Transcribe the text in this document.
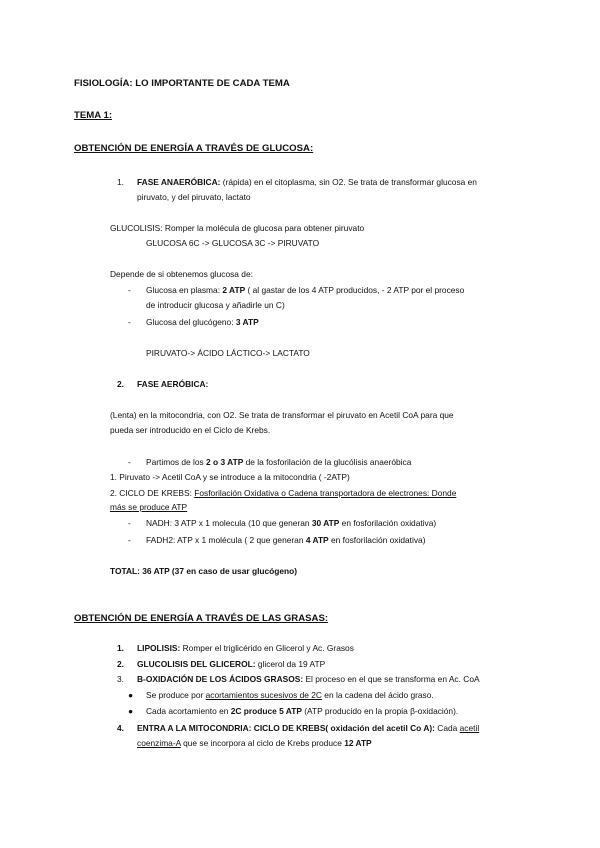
FISIOLOGÍA: LO IMPORTANTE DE CADA TEMA
TEMA 1:
OBTENCIÓN DE ENERGÍA A TRAVÉS DE GLUCOSA:
1. FASE ANAERÓBICA: (rápida) en el citoplasma, sin O2. Se trata de transformar glucosa en
piruvato, y del piruvato, lactato
GLUCOLISIS: Romper la molécula de glucosa para obtener piruvato
GLUCOSA 6C -> GLUCOSA 3C -> PIRUVATO
Depende de si obtenemos glucosa de:
- Glucosa en plasma: 2 ATP ( al gastar de los 4 ATP producidos, - 2 ATP por el proceso
de introducir glucosa y añadirle un C)
- Glucosa del glucógeno: 3 ATP
PIRUVATO-> ÁCIDO LÁCTICO-> LACTATO
2. FASE AERÓBICA:
(Lenta) en la mitocondria, con O2. Se trata de transformar el piruvato en Acetil CoA para que
pueda ser introducido en el Ciclo de Krebs.
- Partimos de los 2 o 3 ATP de la fosforilación de la glucólisis anaeróbica
1. Piruvato -> Acetil CoA y se introduce a la mitocondria ( -2ATP)
2. CICLO DE KREBS: Fosforilación Oxidativa o Cadena transportadora de electrones: Donde
más se produce ATP
- NADH: 3 ATP x 1 molecula (10 que generan 30 ATP en fosforilación oxidativa)
- FADH2: ATP x 1 molécula ( 2 que generan 4 ATP en fosforilación oxidativa)
TOTAL: 36 ATP (37 en caso de usar glucógeno)
OBTENCIÓN DE ENERGÍA A TRAVÉS DE LAS GRASAS:
1. LIPOLISIS: Romper el triglicérido en Glicerol y Ac. Grasos
2. GLUCOLISIS DEL GLICEROL: glicerol da 19 ATP
3. B-OXIDACIÓN DE LOS ÁCIDOS GRASOS: El proceso en el que se transforma en Ac. CoA
● Se produce por acortamientos sucesivos de 2C en la cadena del ácido graso.
● Cada acortamiento en 2C produce 5 ATP (ATP producido en la propia β-oxidación).
4. ENTRA A LA MITOCONDRIA: CICLO DE KREBS( oxidación del acetil Co A): Cada acetil
coenzima-A que se incorpora al ciclo de Krebs produce 12 ATP
